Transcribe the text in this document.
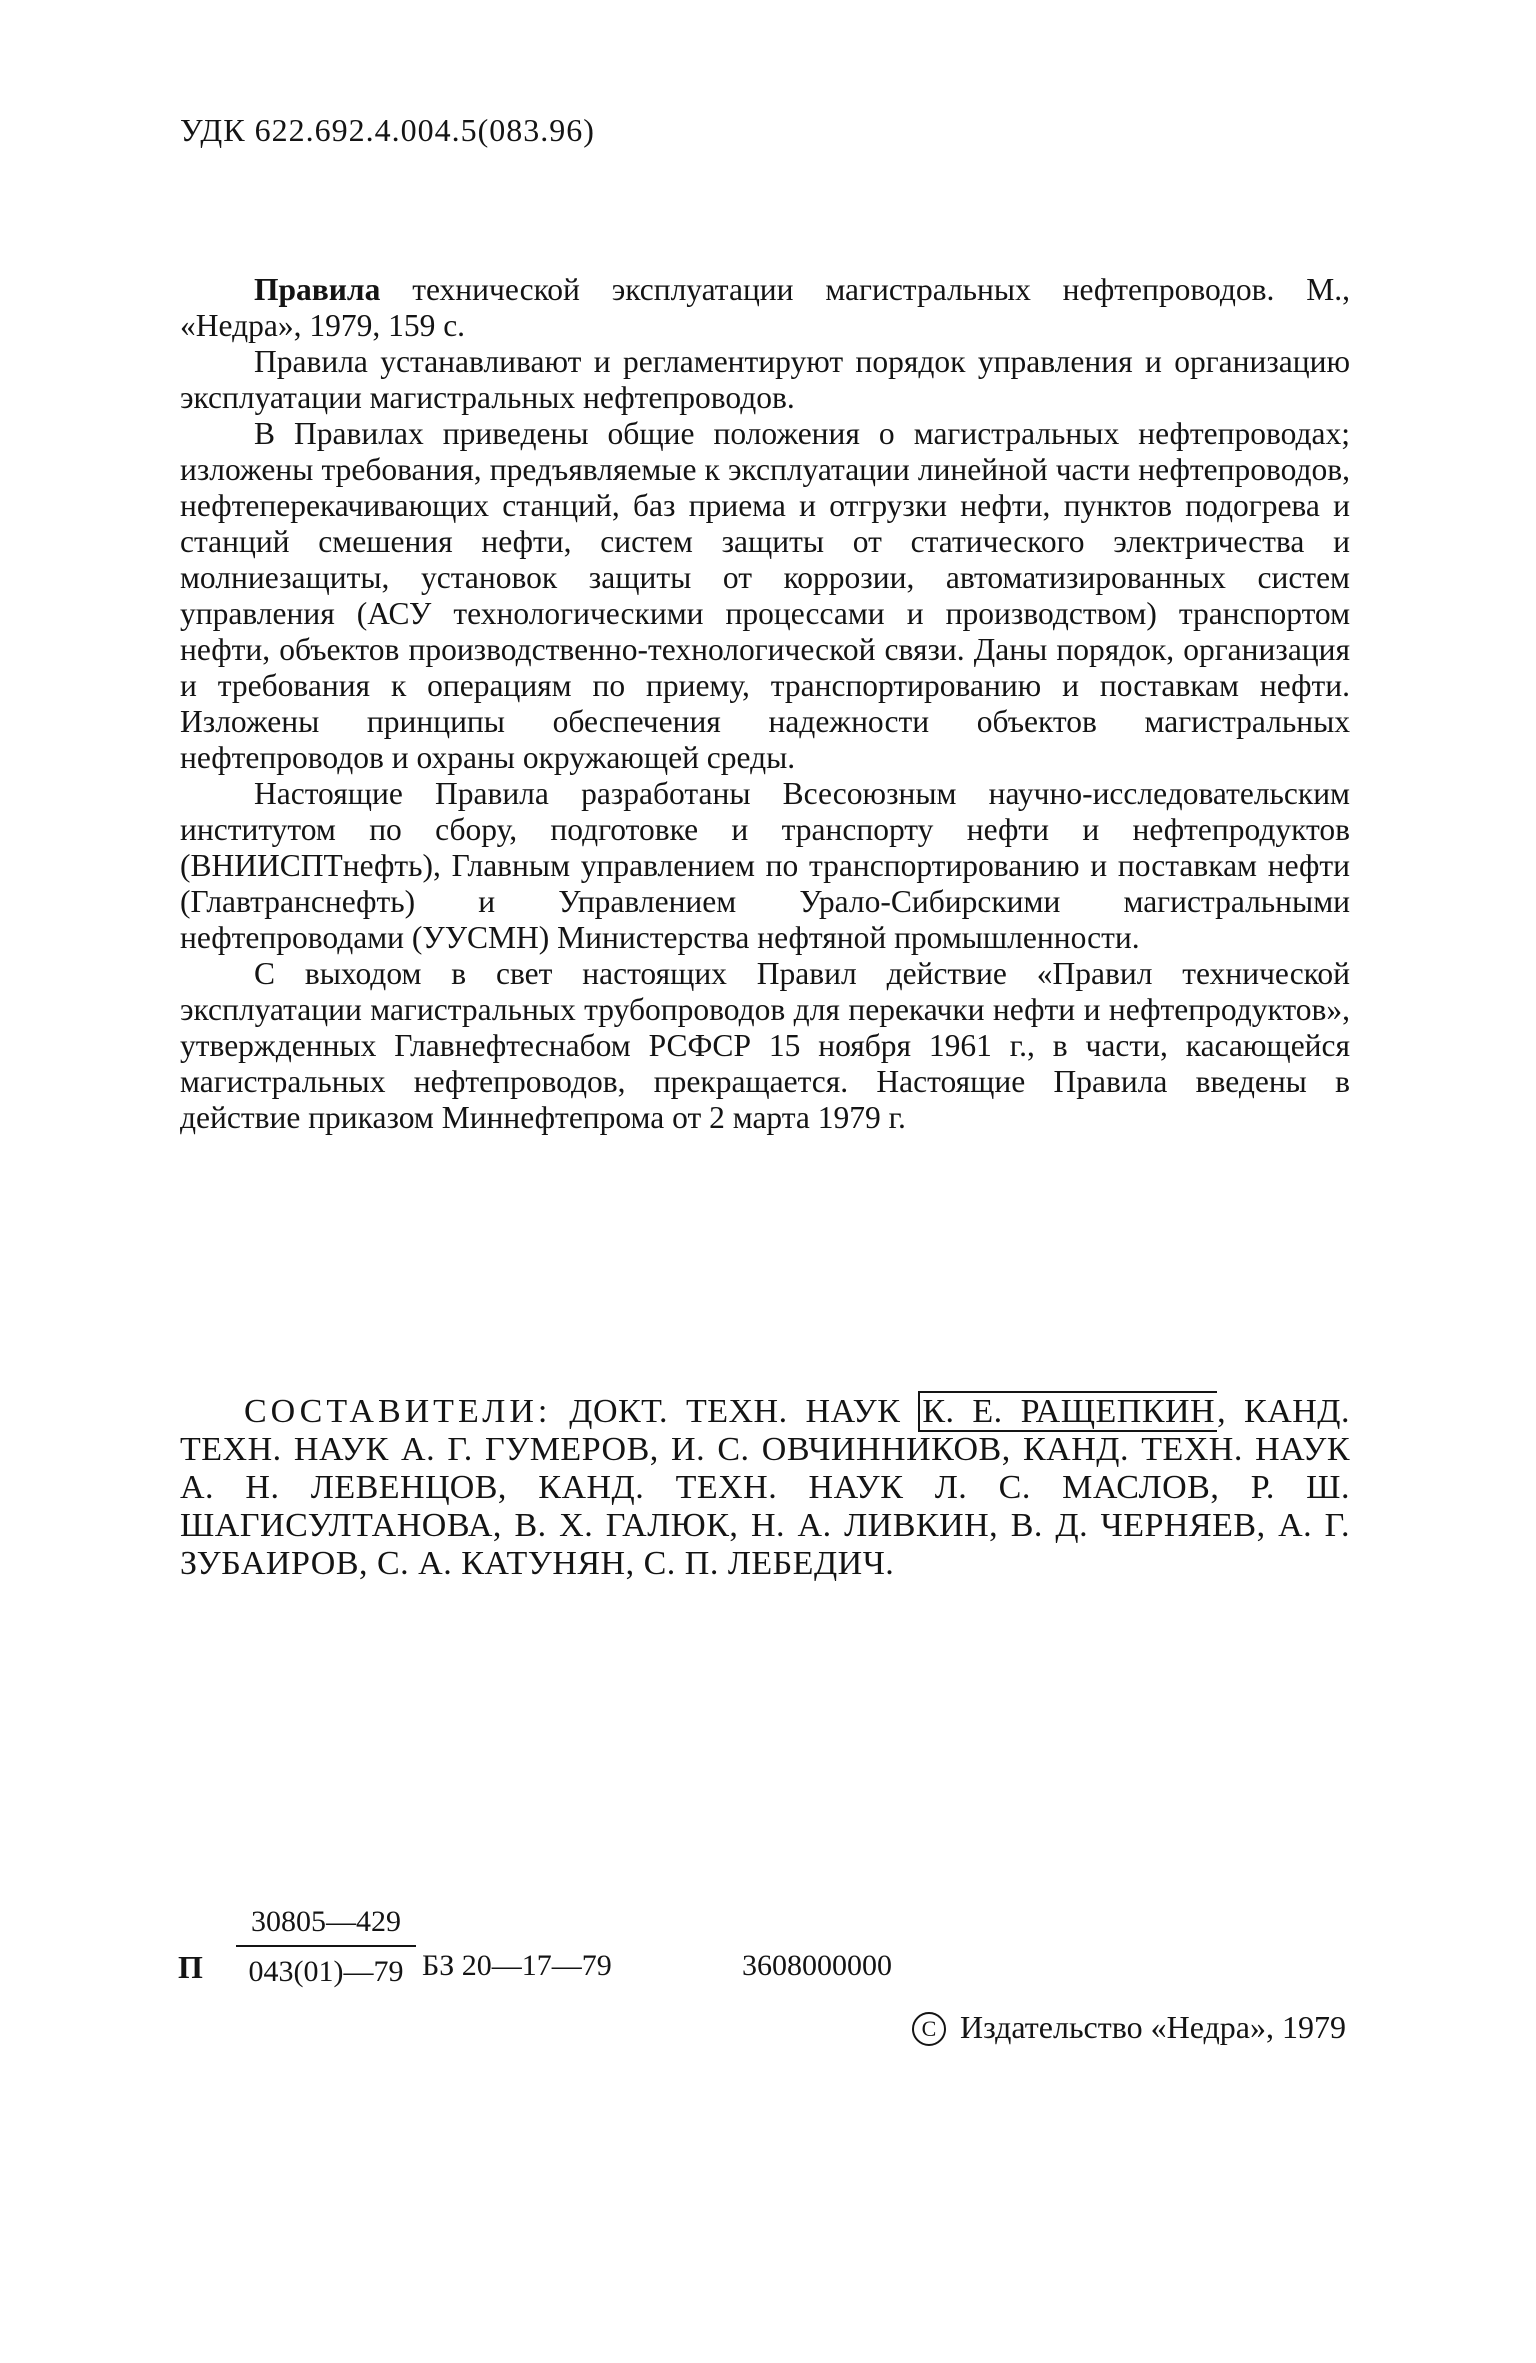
УДК 622.692.4.004.5(083.96)

Правила технической эксплуатации магистральных нефтепроводов. М., «Недра», 1979, 159 с.

Правила устанавливают и регламентируют порядок управления и организацию эксплуатации магистральных нефтепроводов.

В Правилах приведены общие положения о магистральных нефтепроводах; изложены требования, предъявляемые к эксплуатации линейной части нефтепроводов, нефтеперекачивающих станций, баз приема и отгрузки нефти, пунктов подогрева и станций смешения нефти, систем защиты от статического электричества и молниезащиты, установок защиты от коррозии, автоматизированных систем управления (АСУ технологическими процессами и производством) транспортом нефти, объектов производственно-технологической связи. Даны порядок, организация и требования к операциям по приему, транспортированию и поставкам нефти. Изложены принципы обеспечения надежности объектов магистральных нефтепроводов и охраны окружающей среды.

Настоящие Правила разработаны Всесоюзным научно-исследовательским институтом по сбору, подготовке и транспорту нефти и нефтепродуктов (ВНИИСПТнефть), Главным управлением по транспортированию и поставкам нефти (Главтранснефть) и Управлением Урало-Сибирскими магистральными нефтепроводами (УУСМН) Министерства нефтяной промышленности.

С выходом в свет настоящих Правил действие «Правил технической эксплуатации магистральных трубопроводов для перекачки нефти и нефтепродуктов», утвержденных Главнефтеснабом РСФСР 15 ноября 1961 г., в части, касающейся магистральных нефтепроводов, прекращается. Настоящие Правила введены в действие приказом Миннефтепрома от 2 марта 1979 г.

СОСТАВИТЕЛИ: ДОКТ. ТЕХН. НАУК К. Е. РАЩЕПКИН, КАНД. ТЕХН. НАУК А. Г. ГУМЕРОВ, И. С. ОВЧИННИКОВ, КАНД. ТЕХН. НАУК А. Н. ЛЕВЕНЦОВ, КАНД. ТЕХН. НАУК Л. С. МАСЛОВ, Р. Ш. ШАГИСУЛТАНОВА, В. Х. ГАЛЮК, Н. А. ЛИВКИН, В. Д. ЧЕРНЯЕВ, А. Г. ЗУБАИРОВ, С. А. КАТУНЯН, С. П. ЛЕБЕДИЧ.
П $\frac{30805—429}{043(01)—79}$ БЗ 20—17—79	3608000000
С Издательство «Недра», 1979
